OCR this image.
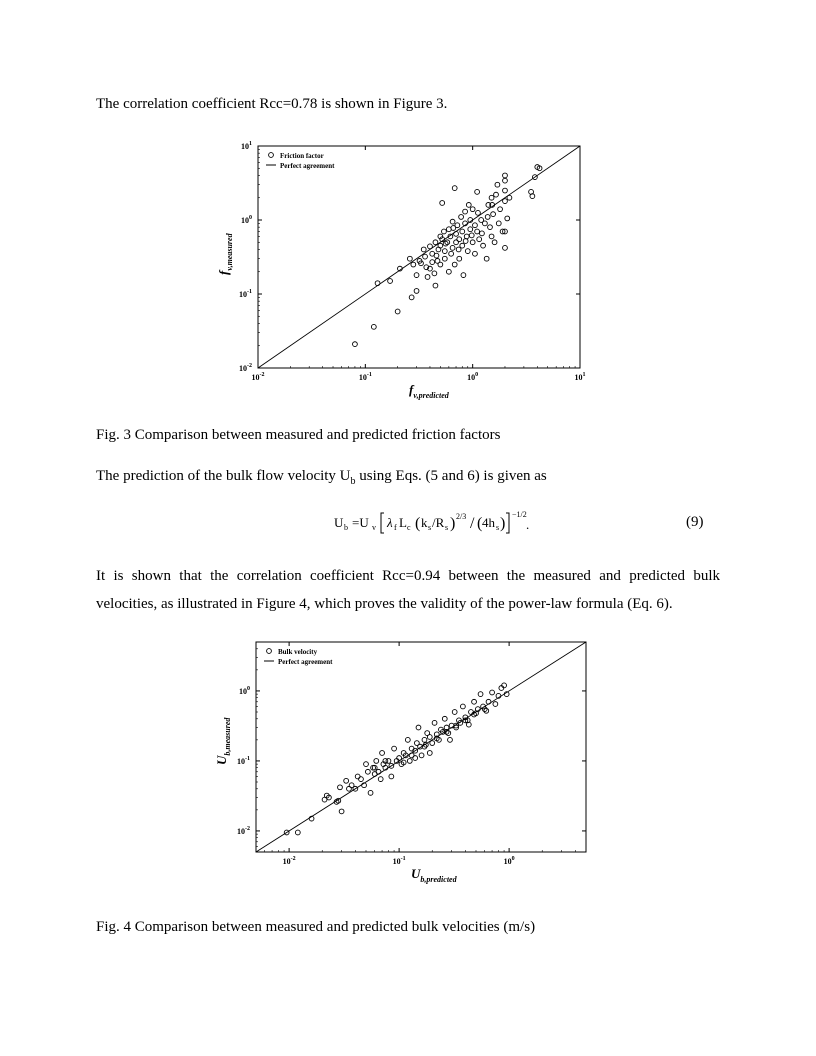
The correlation coefficient Rcc=0.78 is shown in Figure 3.
$10^{-2}$	$10^{-1}$	$10^0$	$10^1$
$10^{-2}$
$10^{-1}$
$10^0$
$10^1$
Friction factor
Perfect agreement
$f_{v,predicted}$
$f_{v,measured}$
Fig. 3 Comparison between measured and predicted friction factors
The prediction of the bulk flow velocity $U_b$ using Eqs. (5 and 6) is given as
U b =U v λ f L c ( k s /R s ) 2/3 / ( 4h s )
−1/2
.	(9)
It is shown that the correlation coefficient Rcc=0.94 between the measured and predicted bulk velocities, as illustrated in Figure 4, which proves the validity of the power-law formula (Eq. 6).
$10^{-2}$	$10^{-1}$	$10^0$
$10^{-2}$
$10^{-1}$
$10^0$
Bulk velocity
Perfect agreement
$U_{b,predicted}$
$U_{b,measured}$
Fig. 4 Comparison between measured and predicted bulk velocities (m/s)
